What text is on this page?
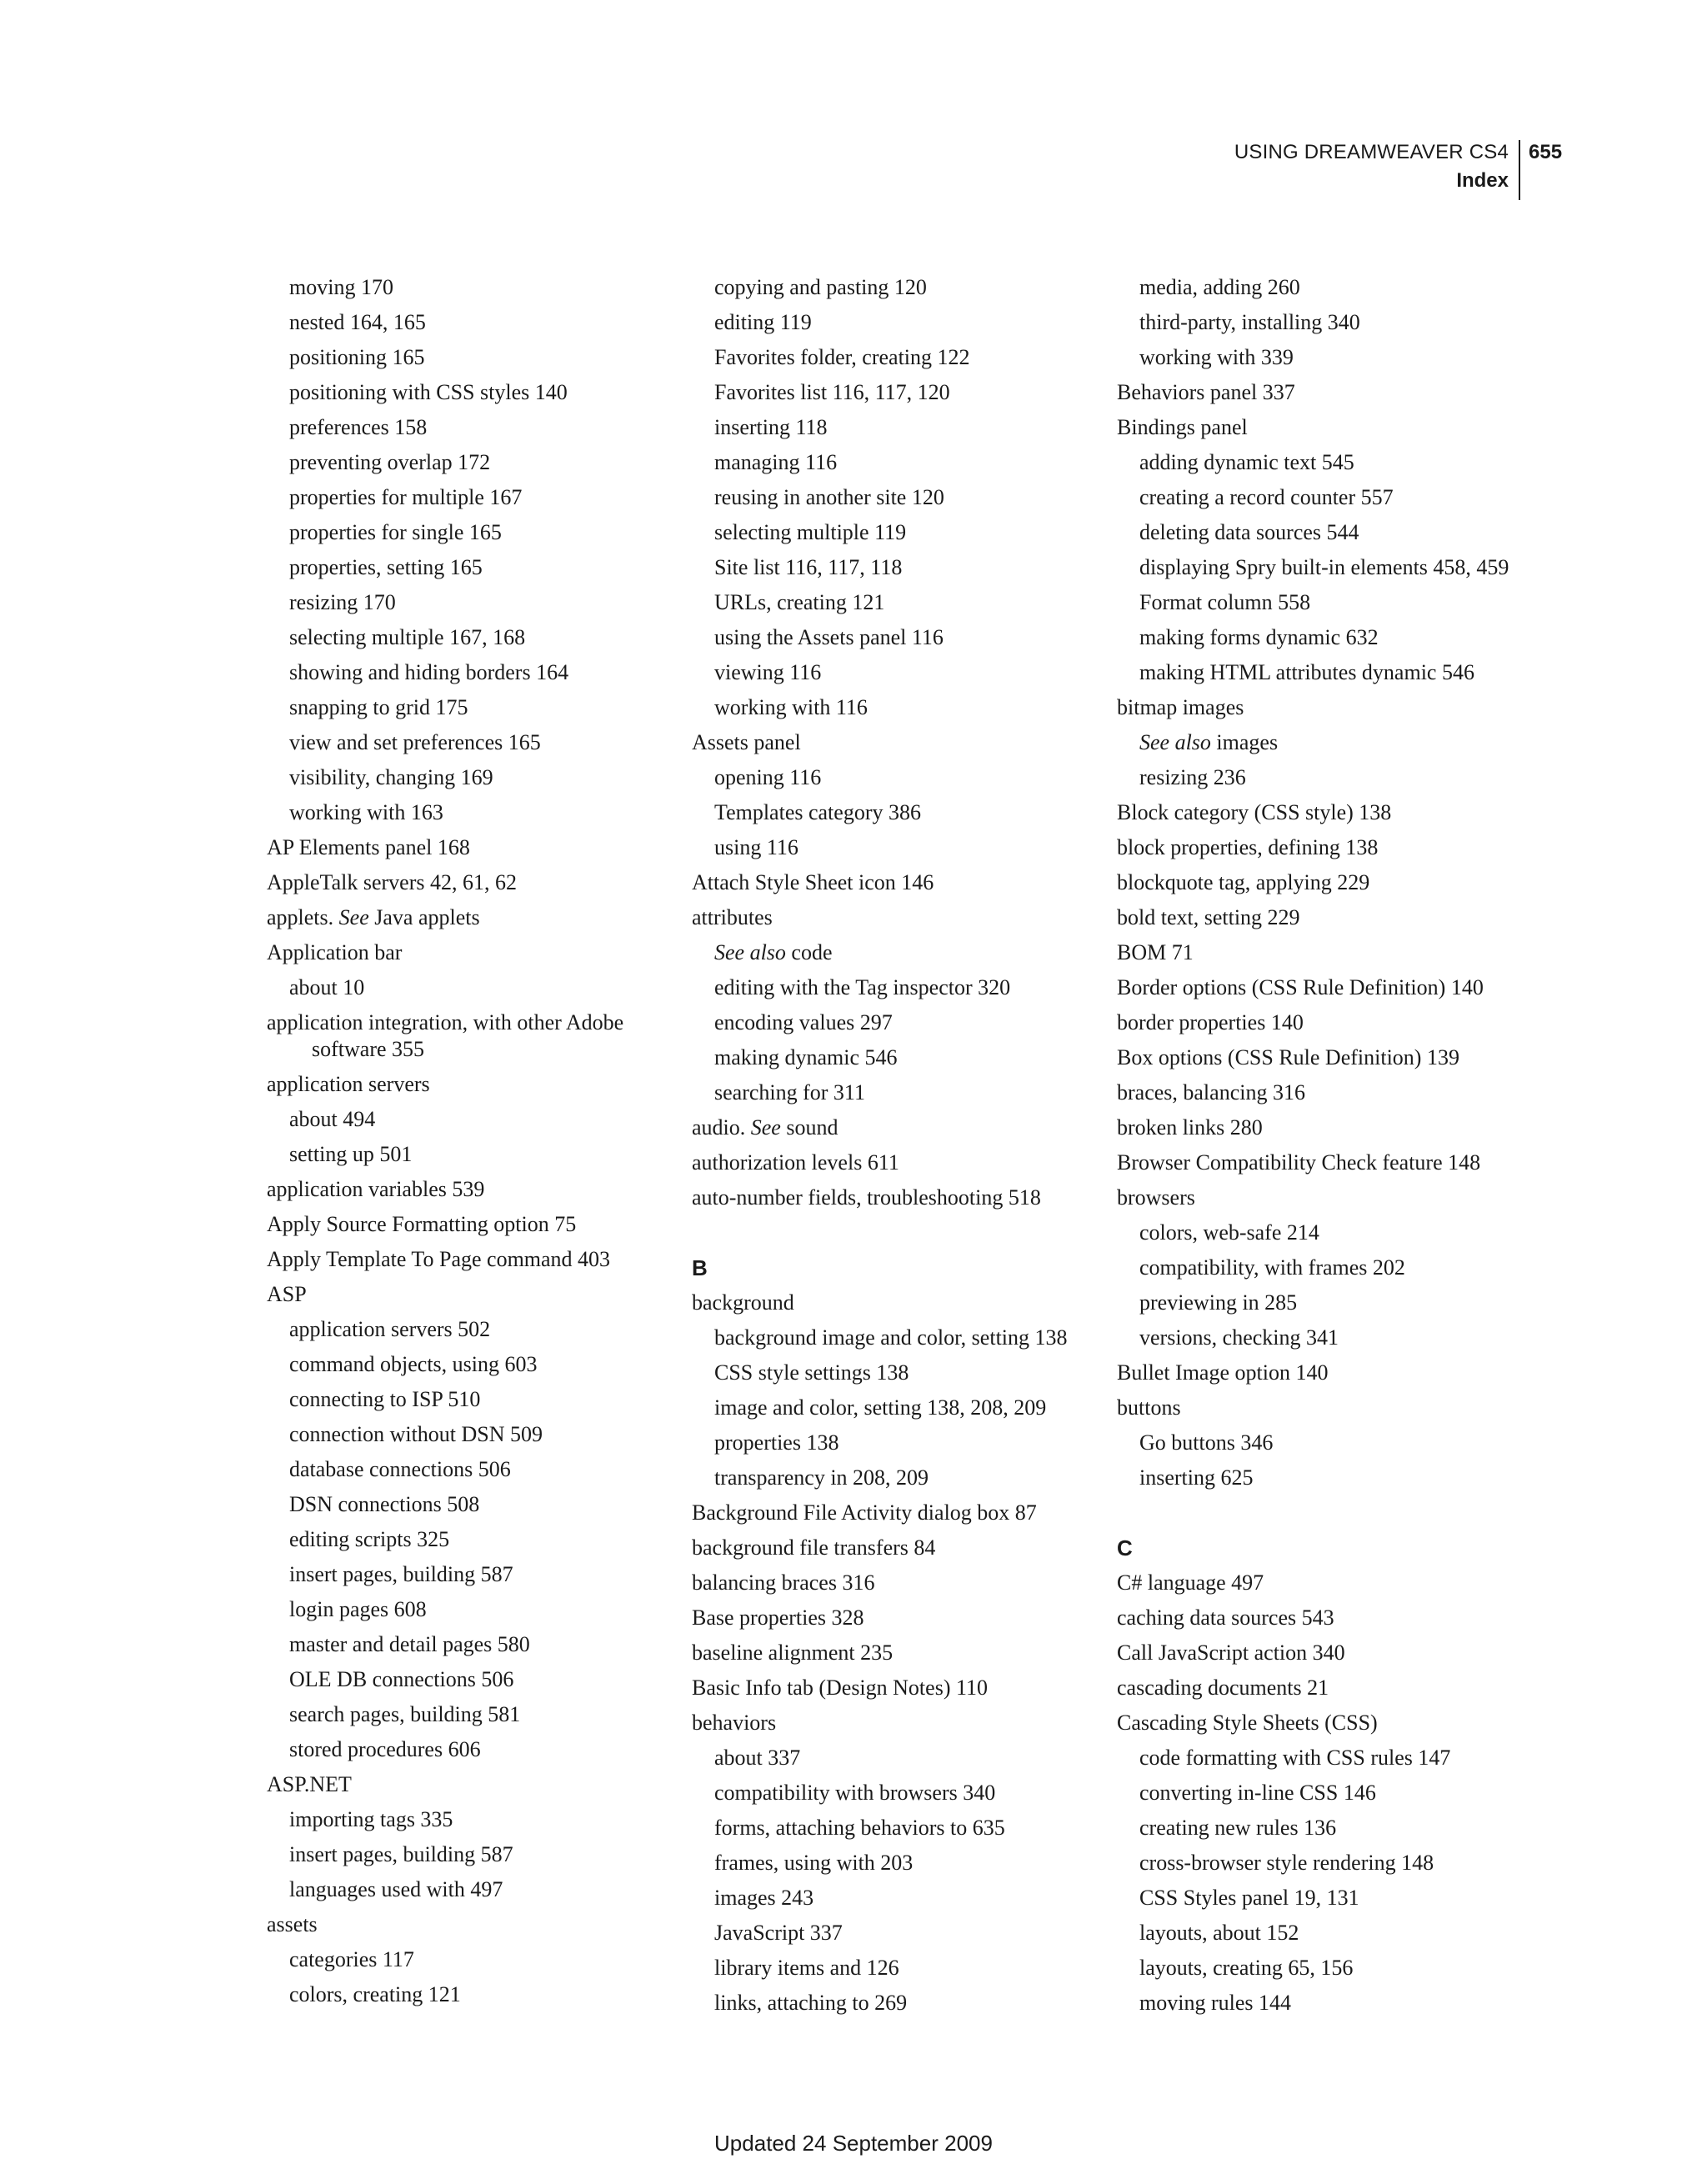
USING DREAMWEAVER CS4
Index
655
moving 170
nested 164, 165
positioning 165
positioning with CSS styles 140
preferences 158
preventing overlap 172
properties for multiple 167
properties for single 165
properties, setting 165
resizing 170
selecting multiple 167, 168
showing and hiding borders 164
snapping to grid 175
view and set preferences 165
visibility, changing 169
working with 163
AP Elements panel 168
AppleTalk servers 42, 61, 62
applets. See Java applets
Application bar
about 10
application integration, with other Adobe software 355
application servers
about 494
setting up 501
application variables 539
Apply Source Formatting option 75
Apply Template To Page command 403
ASP
application servers 502
command objects, using 603
connecting to ISP 510
connection without DSN 509
database connections 506
DSN connections 508
editing scripts 325
insert pages, building 587
login pages 608
master and detail pages 580
OLE DB connections 506
search pages, building 581
stored procedures 606
ASP.NET
importing tags 335
insert pages, building 587
languages used with 497
assets
categories 117
colors, creating 121
copying and pasting 120
editing 119
Favorites folder, creating 122
Favorites list 116, 117, 120
inserting 118
managing 116
reusing in another site 120
selecting multiple 119
Site list 116, 117, 118
URLs, creating 121
using the Assets panel 116
viewing 116
working with 116
Assets panel
opening 116
Templates category 386
using 116
Attach Style Sheet icon 146
attributes
See also code
editing with the Tag inspector 320
encoding values 297
making dynamic 546
searching for 311
audio. See sound
authorization levels 611
auto-number fields, troubleshooting 518
B
background
background image and color, setting 138
CSS style settings 138
image and color, setting 138, 208, 209
properties 138
transparency in 208, 209
Background File Activity dialog box 87
background file transfers 84
balancing braces 316
Base properties 328
baseline alignment 235
Basic Info tab (Design Notes) 110
behaviors
about 337
compatibility with browsers 340
forms, attaching behaviors to 635
frames, using with 203
images 243
JavaScript 337
library items and 126
links, attaching to 269
media, adding 260
third-party, installing 340
working with 339
Behaviors panel 337
Bindings panel
adding dynamic text 545
creating a record counter 557
deleting data sources 544
displaying Spry built-in elements 458, 459
Format column 558
making forms dynamic 632
making HTML attributes dynamic 546
bitmap images
See also images
resizing 236
Block category (CSS style) 138
block properties, defining 138
blockquote tag, applying 229
bold text, setting 229
BOM 71
Border options (CSS Rule Definition) 140
border properties 140
Box options (CSS Rule Definition) 139
braces, balancing 316
broken links 280
Browser Compatibility Check feature 148
browsers
colors, web-safe 214
compatibility, with frames 202
previewing in 285
versions, checking 341
Bullet Image option 140
buttons
Go buttons 346
inserting 625
C
C# language 497
caching data sources 543
Call JavaScript action 340
cascading documents 21
Cascading Style Sheets (CSS)
code formatting with CSS rules 147
converting in-line CSS 146
creating new rules 136
cross-browser style rendering 148
CSS Styles panel 19, 131
layouts, about 152
layouts, creating 65, 156
moving rules 144
Updated 24 September 2009
